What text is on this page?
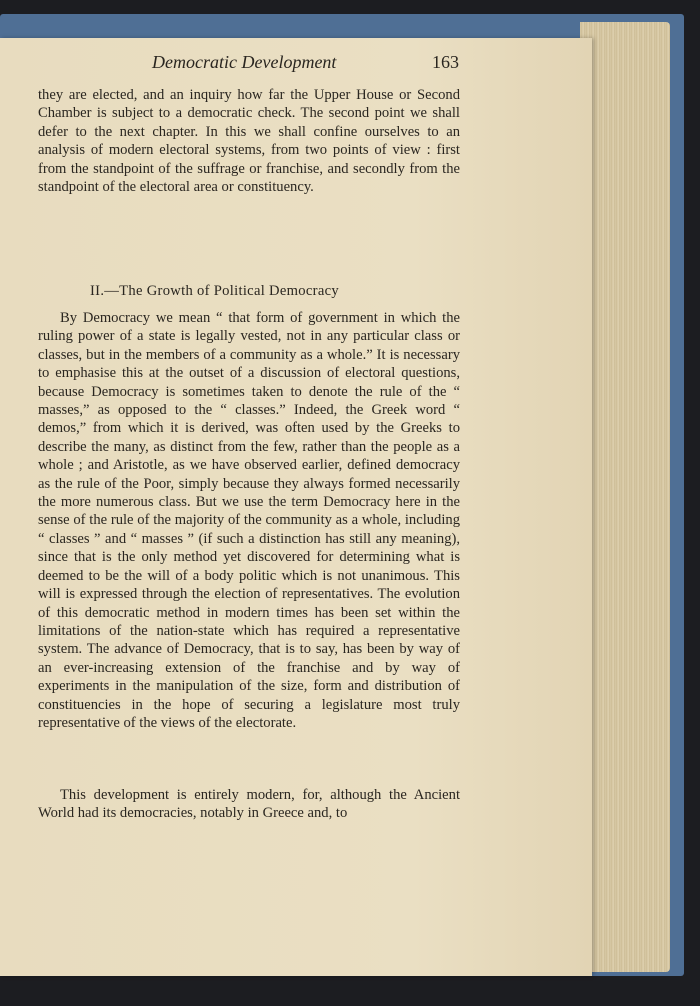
Democratic Development	163

they are elected, and an inquiry how far the Upper House or Second Chamber is subject to a democratic check. The second point we shall defer to the next chapter. In this we shall confine ourselves to an analysis of modern electoral systems, from two points of view : first from the standpoint of the suffrage or franchise, and secondly from the standpoint of the electoral area or constituency.

II.—The Growth of Political Democracy

By Democracy we mean “ that form of government in which the ruling power of a state is legally vested, not in any particular class or classes, but in the members of a community as a whole.” It is necessary to emphasise this at the outset of a discussion of electoral questions, because Democracy is sometimes taken to denote the rule of the “ masses,” as opposed to the “ classes.” Indeed, the Greek word “ demos,” from which it is derived, was often used by the Greeks to describe the many, as distinct from the few, rather than the people as a whole ; and Aristotle, as we have observed earlier, defined democracy as the rule of the Poor, simply because they always formed necessarily the more numerous class. But we use the term Democracy here in the sense of the rule of the majority of the community as a whole, including “ classes ” and “ masses ” (if such a distinction has still any meaning), since that is the only method yet discovered for determining what is deemed to be the will of a body politic which is not unanimous. This will is expressed through the election of representatives. The evolution of this democratic method in modern times has been set within the limitations of the nation-state which has required a representative system. The advance of Democracy, that is to say, has been by way of an ever-increasing extension of the franchise and by way of experiments in the manipulation of the size, form and distribution of constituencies in the hope of securing a legislature most truly representative of the views of the electorate.

This development is entirely modern, for, although the Ancient World had its democracies, notably in Greece and, to
